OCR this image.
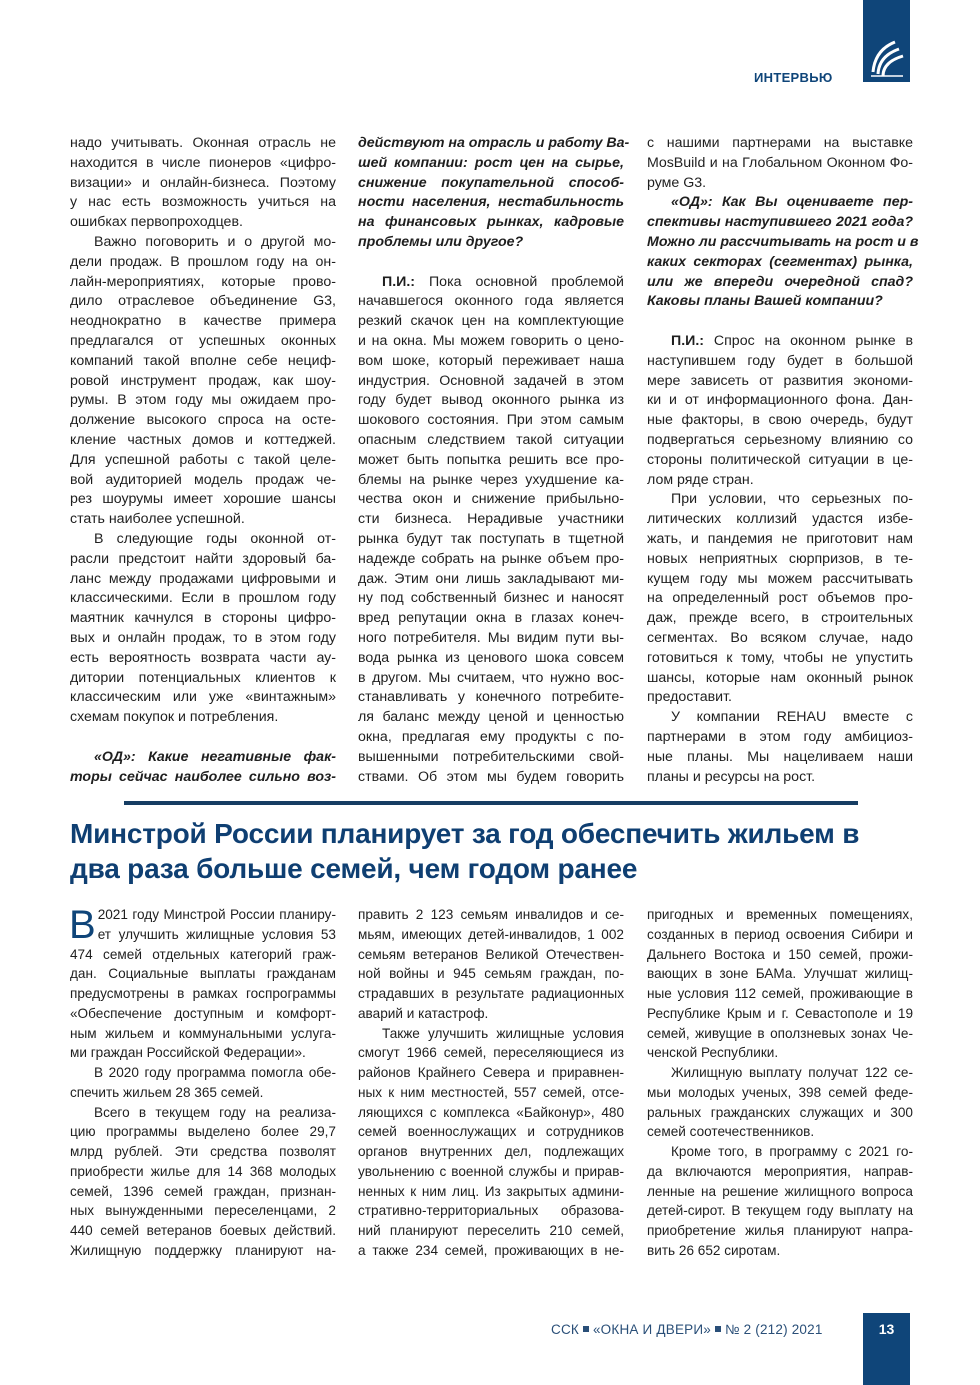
ИНТЕРВЬЮ
надо учитывать. Оконная отрасль не
находится в числе пионеров «цифро-
визации» и онлайн-бизнеса. Поэтому
у нас есть возможность учиться на
ошибках первопроходцев.
Важно поговорить и о другой мо-
дели продаж. В прошлом году на он-
лайн-мероприятиях, которые прово-
дило отраслевое объединение G3,
неоднократно в качестве примера
предлагался от успешных оконных
компаний такой вполне себе нециф-
ровой инструмент продаж, как шоу-
румы. В этом году мы ожидаем про-
должение высокого спроса на осте-
кление частных домов и коттеджей.
Для успешной работы с такой целе-
вой аудиторией модель продаж че-
рез шоурумы имеет хорошие шансы
стать наиболее успешной.
В следующие годы оконной от-
расли предстоит найти здоровый ба-
ланс между продажами цифровыми и
классическими. Если в прошлом году
маятник качнулся в стороны цифро-
вых и онлайн продаж, то в этом году
есть вероятность возврата части ау-
дитории потенциальных клиентов к
классическим или уже «винтажным»
схемам покупок и потребления.
«ОД»: Какие негативные фак-
торы сейчас наиболее сильно воз-
действуют на отрасль и работу Ва-
шей компании: рост цен на сырье,
снижение покупательной способ-
ности населения, нестабильность
на финансовых рынках, кадровые
проблемы или другое?
П.И.: Пока основной проблемой
начавшегося оконного года является
резкий скачок цен на комплектующие
и на окна. Мы можем говорить о цено-
вом шоке, который переживает наша
индустрия. Основной задачей в этом
году будет вывод оконного рынка из
шокового состояния. При этом самым
опасным следствием такой ситуации
может быть попытка решить все про-
блемы на рынке через ухудшение ка-
чества окон и снижение прибыльно-
сти бизнеса. Нерадивые участники
рынка будут так поступать в тщетной
надежде собрать на рынке объем про-
даж. Этим они лишь закладывают ми-
ну под собственный бизнес и наносят
вред репутации окна в глазах конеч-
ного потребителя. Мы видим пути вы-
вода рынка из ценового шока совсем
в другом. Мы считаем, что нужно вос-
станавливать у конечного потребите-
ля баланс между ценой и ценностью
окна, предлагая ему продукты с по-
вышенными потребительскими свой-
ствами. Об этом мы будем говорить
с нашими партнерами на выставке
MosBuild и на Глобальном Оконном Фо-
руме G3.
«ОД»: Как Вы оцениваете пер-
спективы наступившего 2021 года?
Можно ли рассчитывать на рост и в
каких секторах (сегментах) рынка,
или же впереди очередной спад?
Каковы планы Вашей компании?
П.И.: Спрос на оконном рынке в
наступившем году будет в большой
мере зависеть от развития экономи-
ки и от информационного фона. Дан-
ные факторы, в свою очередь, будут
подвергаться серьезному влиянию со
стороны политической ситуации в це-
лом ряде стран.
При условии, что серьезных по-
литических коллизий удастся избе-
жать, и пандемия не приготовит нам
новых неприятных сюрпризов, в те-
кущем году мы можем рассчитывать
на определенный рост объемов про-
даж, прежде всего, в строительных
сегментах. Во всяком случае, надо
готовиться к тому, чтобы не упустить
шансы, которые нам оконный рынок
предоставит.
У компании REHAU вместе с
партнерами в этом году амбициоз-
ные планы. Мы нацеливаем наши
планы и ресурсы на рост.
Минстрой России планирует за год обеспечить жильем в
два раза больше семей, чем годом ранее
В 2021 году Минстрой России планиру-
ет улучшить жилищные условия 53
474 семей отдельных категорий граж-
дан. Социальные выплаты гражданам
предусмотрены в рамках госпрограммы
«Обеспечение доступным и комфорт-
ным жильем и коммунальными услуга-
ми граждан Российской Федерации».
В 2020 году программа помогла обе-
спечить жильем 28 365 семей.
Всего в текущем году на реализа-
цию программы выделено более 29,7
млрд рублей. Эти средства позволят
приобрести жилье для 14 368 молодых
семей, 1396 семей граждан, признан-
ных вынужденными переселенцами, 2
440 семей ветеранов боевых действий.
Жилищную поддержку планируют на-
править 2 123 семьям инвалидов и се-
мьям, имеющих детей-инвалидов, 1 002
семьям ветеранов Великой Отечествен-
ной войны и 945 семьям граждан, по-
страдавших в результате радиационных
аварий и катастроф.
Также улучшить жилищные условия
смогут 1966 семей, переселяющиеся из
районов Крайнего Севера и приравнен-
ных к ним местностей, 557 семей, отсе-
ляющихся с комплекса «Байконур», 480
семей военнослужащих и сотрудников
органов внутренних дел, подлежащих
увольнению с военной службы и прирав-
ненных к ним лиц. Из закрытых админи-
стративно-территориальных образова-
ний планируют переселить 210 семей,
а также 234 семей, проживающих в не-
пригодных и временных помещениях,
созданных в период освоения Сибири и
Дальнего Востока и 150 семей, прожи-
вающих в зоне БАМа. Улучшат жилищ-
ные условия 112 семей, проживающие в
Республике Крым и г. Севастополе и 19
семей, живущие в оползневых зонах Че-
ченской Республики.
Жилищную выплату получат 122 се-
мьи молодых ученых, 398 семей феде-
ральных гражданских служащих и 300
семей соотечественников.
Кроме того, в программу с 2021 го-
да включаются мероприятия, направ-
ленные на решение жилищного вопроса
детей-сирот. В текущем году выплату на
приобретение жилья планируют напра-
вить 26 652 сиротам.
ССК «ОКНА И ДВЕРИ» № 2 (212) 2021	13
